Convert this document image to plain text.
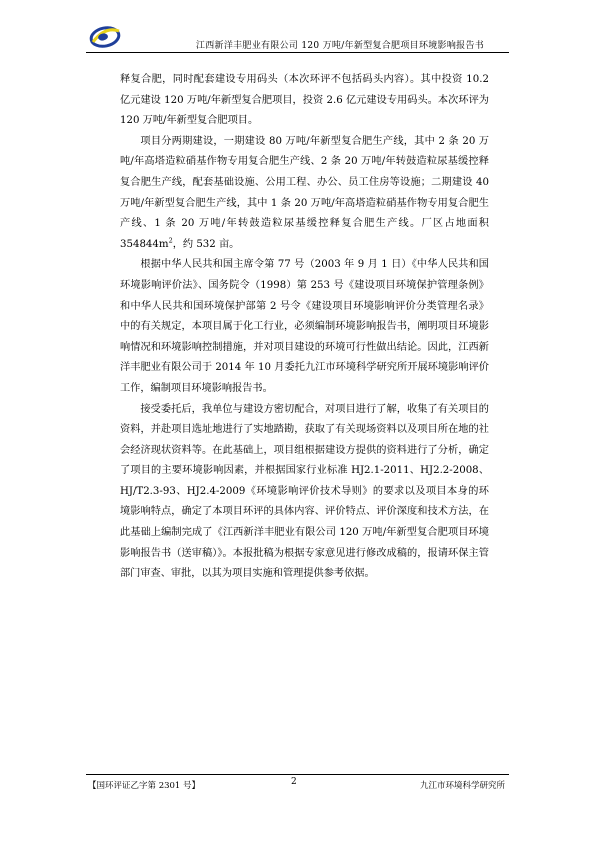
江西新洋丰肥业有限公司 120 万吨/年新型复合肥项目环境影响报告书

释复合肥，同时配套建设专用码头（本次环评不包括码头内容）。其中投资 10.2 亿元建设 120 万吨/年新型复合肥项目，投资 2.6 亿元建设专用码头。本次环评为 120 万吨/年新型复合肥项目。

项目分两期建设，一期建设 80 万吨/年新型复合肥生产线，其中 2 条 20 万吨/年高塔造粒硝基作物专用复合肥生产线、2 条 20 万吨/年转鼓造粒尿基缓控释复合肥生产线，配套基础设施、公用工程、办公、员工住房等设施；二期建设 40 万吨/年新型复合肥生产线，其中 1 条 20 万吨/年高塔造粒硝基作物专用复合肥生产线、1 条 20 万吨/年转鼓造粒尿基缓控释复合肥生产线。厂区占地面积 $354844m^2$，约 532 亩。

根据中华人民共和国主席令第 77 号（2003 年 9 月 1 日）《中华人民共和国环境影响评价法》、国务院令（1998）第 253 号《建设项目环境保护管理条例》和中华人民共和国环境保护部第 2 号令《建设项目环境影响评价分类管理名录》中的有关规定，本项目属于化工行业，必须编制环境影响报告书，阐明项目环境影响情况和环境影响控制措施，并对项目建设的环境可行性做出结论。因此，江西新洋丰肥业有限公司于 2014 年 10 月委托九江市环境科学研究所开展环境影响评价工作，编制项目环境影响报告书。

接受委托后，我单位与建设方密切配合，对项目进行了解，收集了有关项目的资料，并赴项目选址地进行了实地踏勘，获取了有关现场资料以及项目所在地的社会经济现状资料等。在此基础上，项目组根据建设方提供的资料进行了分析，确定了项目的主要环境影响因素，并根据国家行业标准 HJ2.1-2011、HJ2.2-2008、HJ/T2.3-93、HJ2.4-2009《环境影响评价技术导则》的要求以及项目本身的环境影响特点，确定了本项目环评的具体内容、评价特点、评价深度和技术方法，在此基础上编制完成了《江西新洋丰肥业有限公司 120 万吨/年新型复合肥项目环境影响报告书（送审稿）》。本报批稿为根据专家意见进行修改成稿的，报请环保主管部门审查、审批，以其为项目实施和管理提供参考依据。

【国环评证乙字第 2301 号】	2	九江市环境科学研究所
